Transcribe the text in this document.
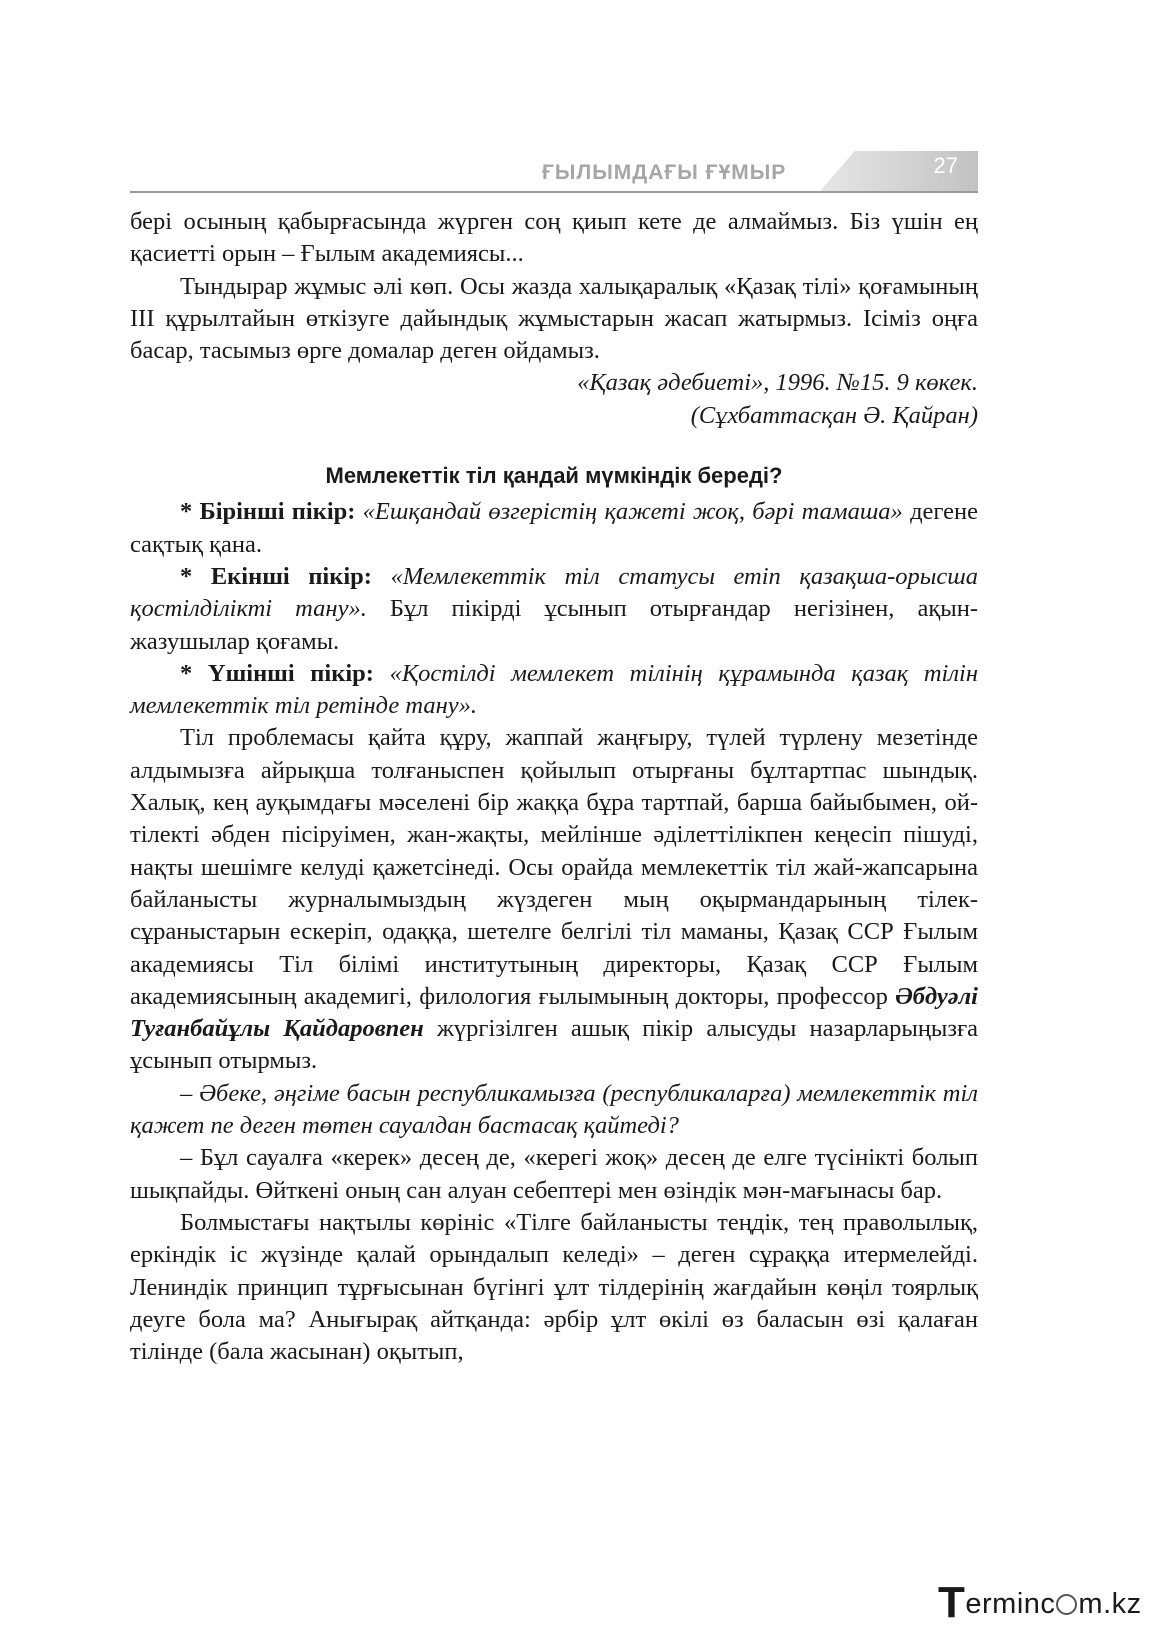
27
ҒЫЛЫМДАҒЫ ҒҰМЫР

бері осының қабырғасында жүрген соң қиып кете де алмаймыз. Біз үшін ең қасиетті орын – Ғылым академиясы...

Тындырар жұмыс әлі көп. Осы жазда халықаралық «Қазақ тілі» қоғамының ІІІ құрылтайын өткізуге дайындық жұмыстарын жасап жатырмыз. Ісіміз оңға басар, тасымыз өрге домалар деген ойдамыз.

«Қазақ әдебиеті», 1996. №15. 9 көкек.

(Сұхбаттасқан Ә. Қайран)

Мемлекеттік тіл қандай мүмкіндік береді?

* Бірінші пікір: «Ешқандай өзгерістің қажеті жоқ, бәрі тамаша» дегене сақтық қана.

* Екінші пікір: «Мемлекеттік тіл статусы етіп қазақша-орысша қостілділікті тану». Бұл пікірді ұсынып отырғандар негізінен, ақын-жазушылар қоғамы.

* Үшінші пікір: «Қостілді мемлекет тілінің құрамында қазақ тілін мемлекеттік тіл ретінде тану».

Тіл проблемасы қайта құру, жаппай жаңғыру, түлей түрлену мезетінде алдымызға айрықша толғаныспен қойылып отырғаны бұлтартпас шындық. Халық, кең ауқымдағы мәселені бір жаққа бұра тартпай, барша байыбымен, ой-тілекті әбден пісіруімен, жан-жақты, мейлінше әділеттілікпен кеңесіп пішуді, нақты шешімге келуді қажетсінеді. Осы орайда мемлекеттік тіл жай-жапсарына байланысты журналымыздың жүздеген мың оқырмандарының тілек-сұраныстарын ескеріп, одаққа, шетелге белгілі тіл маманы, Қазақ ССР Ғылым академиясы Тіл білімі институтының директоры, Қазақ ССР Ғылым академиясының академигі, филология ғылымының докторы, профессор Әбдуәлі Туғанбайұлы Қайдаровпен жүргізілген ашық пікір алысуды назарларыңызға ұсынып отырмыз.

– Әбеке, әңгіме басын республикамызға (республикаларға) мемлекеттік тіл қажет пе деген төтен сауалдан бастасақ қайтеді?

– Бұл сауалға «керек» десең де, «керегі жоқ» десең де елге түсінікті болып шықпайды. Өйткені оның сан алуан себептері мен өзіндік мән-мағынасы бар.

Болмыстағы нақтылы көрініс «Тілге байланысты теңдік, тең праволылық, еркіндік іс жүзінде қалай орындалып келеді» – деген сұраққа итермелейді. Лениндік принцип тұрғысынан бүгінгі ұлт тілдерінің жағдайын көңіл тоярлық деуге бола ма? Анығырақ айтқанда: әрбір ұлт өкілі өз баласын өзі қалаған тілінде (бала жасынан) оқытып,

Terminc m.kz
